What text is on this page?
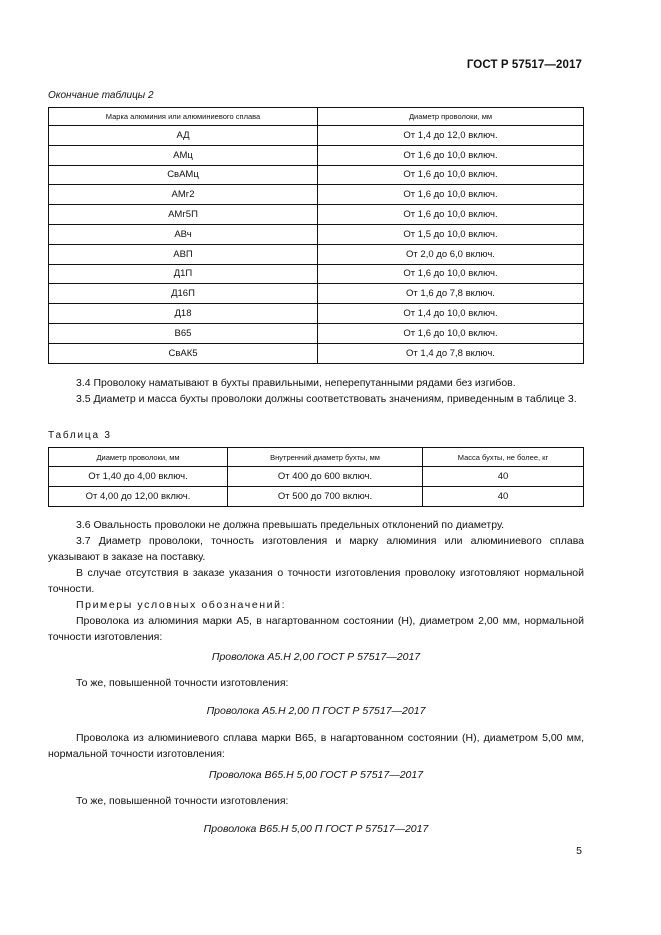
ГОСТ Р 57517—2017
Окончание таблицы 2
Марка алюминия или алюминиевого сплава	Диаметр проволоки, мм
АД	От 1,4 до 12,0 включ.
АМц	От 1,6 до 10,0 включ.
СвАМц	От 1,6 до 10,0 включ.
АМг2	От 1,6 до 10,0 включ.
АМг5П	От 1,6 до 10,0 включ.
АВч	От 1,5 до 10,0 включ.
АВП	От 2,0 до 6,0 включ.
Д1П	От 1,6 до 10,0 включ.
Д16П	От 1,6 до 7,8 включ.
Д18	От 1,4 до 10,0 включ.
В65	От 1,6 до 10,0 включ.
СвАК5	От 1,4 до 7,8 включ.
3.4 Проволоку наматывают в бухты правильными, неперепутанными рядами без изгибов.
3.5 Диаметр и масса бухты проволоки должны соответствовать значениям, приведенным в таблице 3.
Таблица 3
Диаметр проволоки, мм	Внутренний диаметр бухты, мм	Масса бухты, не более, кг
От 1,40 до 4,00 включ.	От 400 до 600 включ.	40
От 4,00 до 12,00 включ.	От 500 до 700 включ.	40
3.6 Овальность проволоки не должна превышать предельных отклонений по диаметру.
3.7 Диаметр проволоки, точность изготовления и марку алюминия или алюминиевого сплава указывают в заказе на поставку.
В случае отсутствия в заказе указания о точности изготовления проволоку изготовляют нормальной точности.
Примеры условных обозначений:
Проволока из алюминия марки А5, в нагартованном состоянии (Н), диаметром 2,00 мм, нормальной точности изготовления:
Проволока А5.Н 2,00 ГОСТ Р 57517—2017
То же, повышенной точности изготовления:
Проволока А5.Н 2,00 П ГОСТ Р 57517—2017
Проволока из алюминиевого сплава марки В65, в нагартованном состоянии (Н), диаметром 5,00 мм, нормальной точности изготовления:
Проволока В65.Н 5,00 ГОСТ Р 57517—2017
То же, повышенной точности изготовления:
Проволока В65.Н 5,00 П ГОСТ Р 57517—2017
5
